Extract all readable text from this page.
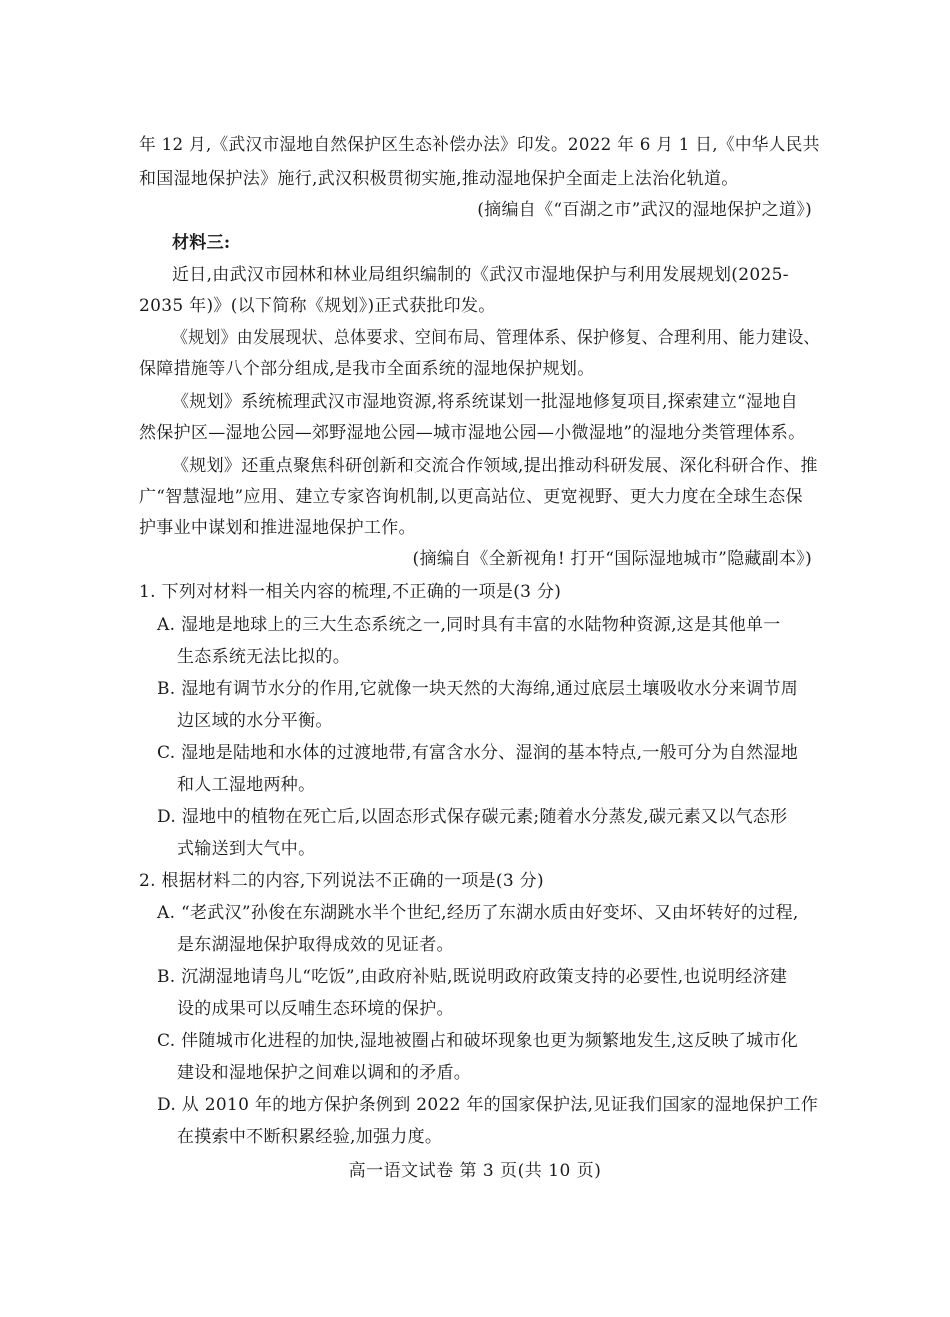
年 12 月,《武汉市湿地自然保护区生态补偿办法》印发。2022 年 6 月 1 日,《中华人民共
和国湿地保护法》施行,武汉积极贯彻实施,推动湿地保护全面走上法治化轨道。
(摘编自《“百湖之市”武汉的湿地保护之道》)
材料三:
近日,由武汉市园林和林业局组织编制的《武汉市湿地保护与利用发展规划(2025-
2035 年)》(以下简称《规划》)正式获批印发。
《规划》由发展现状、总体要求、空间布局、管理体系、保护修复、合理利用、能力建设、
保障措施等八个部分组成,是我市全面系统的湿地保护规划。
《规划》系统梳理武汉市湿地资源,将系统谋划一批湿地修复项目,探索建立“湿地自
然保护区—湿地公园—郊野湿地公园—城市湿地公园—小微湿地”的湿地分类管理体系。
《规划》还重点聚焦科研创新和交流合作领域,提出推动科研发展、深化科研合作、推
广“智慧湿地”应用、建立专家咨询机制,以更高站位、更宽视野、更大力度在全球生态保
护事业中谋划和推进湿地保护工作。
(摘编自《全新视角! 打开“国际湿地城市”隐藏副本》)
1. 下列对材料一相关内容的梳理,不正确的一项是(3 分)
A. 湿地是地球上的三大生态系统之一,同时具有丰富的水陆物种资源,这是其他单一
生态系统无法比拟的。
B. 湿地有调节水分的作用,它就像一块天然的大海绵,通过底层土壤吸收水分来调节周
边区域的水分平衡。
C. 湿地是陆地和水体的过渡地带,有富含水分、湿润的基本特点,一般可分为自然湿地
和人工湿地两种。
D. 湿地中的植物在死亡后,以固态形式保存碳元素;随着水分蒸发,碳元素又以气态形
式输送到大气中。
2. 根据材料二的内容,下列说法不正确的一项是(3 分)
A. “老武汉”孙俊在东湖跳水半个世纪,经历了东湖水质由好变坏、又由坏转好的过程,
是东湖湿地保护取得成效的见证者。
B. 沉湖湿地请鸟儿“吃饭”,由政府补贴,既说明政府政策支持的必要性,也说明经济建
设的成果可以反哺生态环境的保护。
C. 伴随城市化进程的加快,湿地被圈占和破坏现象也更为频繁地发生,这反映了城市化
建设和湿地保护之间难以调和的矛盾。
D. 从 2010 年的地方保护条例到 2022 年的国家保护法,见证我们国家的湿地保护工作
在摸索中不断积累经验,加强力度。
高一语文试卷 第 3 页(共 10 页)
